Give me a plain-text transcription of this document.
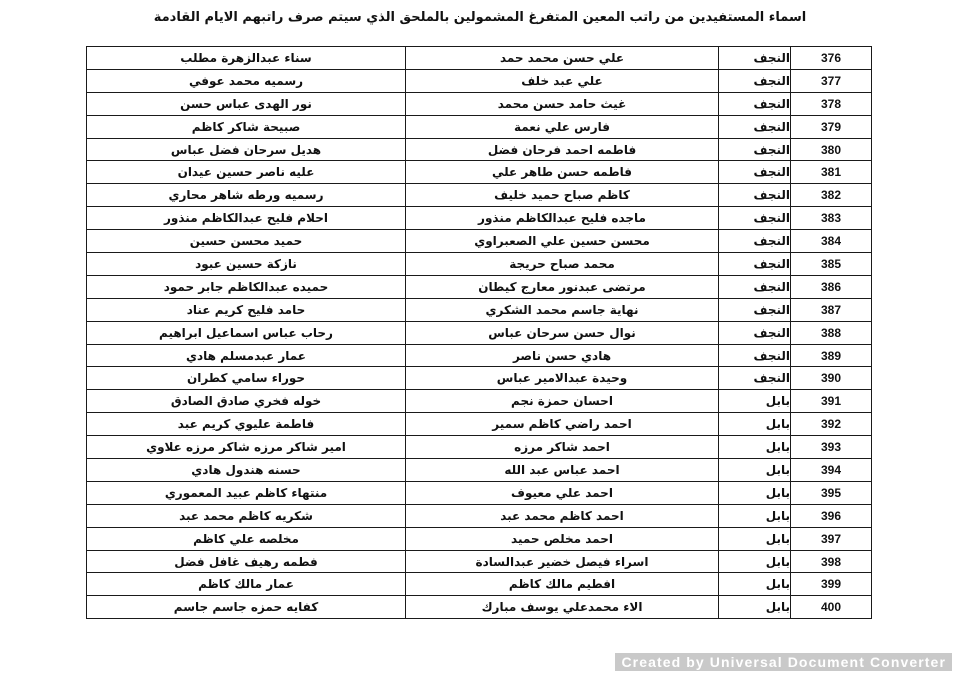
اسماء المستفيدين من راتب المعين المتفرغ المشمولين بالملحق الذي سيتم صرف راتبهم الايام القادمة
سناء عبدالزهرة مطلب	علي حسن محمد حمد	النجف	376
رسميه محمد عوفي	علي عبد خلف	النجف	377
نور الهدى عباس حسن	غيث حامد حسن محمد	النجف	378
صبيحة شاكر كاظم	فارس علي نعمة	النجف	379
هديل سرحان فضل عباس	فاطمه احمد فرحان فضل	النجف	380
عليه ناصر حسين عيدان	فاطمه حسن طاهر علي	النجف	381
رسميه ورطه شاهر محاري	كاظم صباح حميد خليف	النجف	382
احلام فليح عبدالكاظم منذور	ماجده فليح عبدالكاظم منذور	النجف	383
حميد محسن حسين	محسن حسين علي الصعبراوي	النجف	384
نازكة حسين عبود	محمد صباح حريجة	النجف	385
حميده عبدالكاظم جابر حمود	مرتضى عبدنور معارج كيطان	النجف	386
حامد فليح كريم عناد	نهاية جاسم محمد الشكري	النجف	387
رحاب عباس اسماعيل ابراهيم	نوال حسن سرحان عباس	النجف	388
عمار عبدمسلم هادي	هادي حسن ناصر	النجف	389
حوراء سامي كطران	وحيدة عبدالامير عباس	النجف	390
خوله فخري صادق الصادق	احسان حمزة نجم	بابل	391
فاطمة عليوي كريم عبد	احمد راضي كاظم سمير	بابل	392
امير شاكر مرزه شاكر مرزه علاوي	احمد شاكر مرزه	بابل	393
حسنه هندول هادي	احمد عباس عبد الله	بابل	394
منتهاء كاظم عبيد المعموري	احمد علي معيوف	بابل	395
شكريه كاظم محمد عبد	احمد كاظم محمد عبد	بابل	396
مخلصه علي كاظم	احمد مخلص حميد	بابل	397
فطمه رهيف غافل فضل	اسراء فيصل خضير عبدالسادة	بابل	398
عمار مالك كاظم	افطيم مالك كاظم	بابل	399
كفايه حمزه جاسم جاسم	الاء محمدعلي يوسف مبارك	بابل	400
Created by Universal Document Converter
